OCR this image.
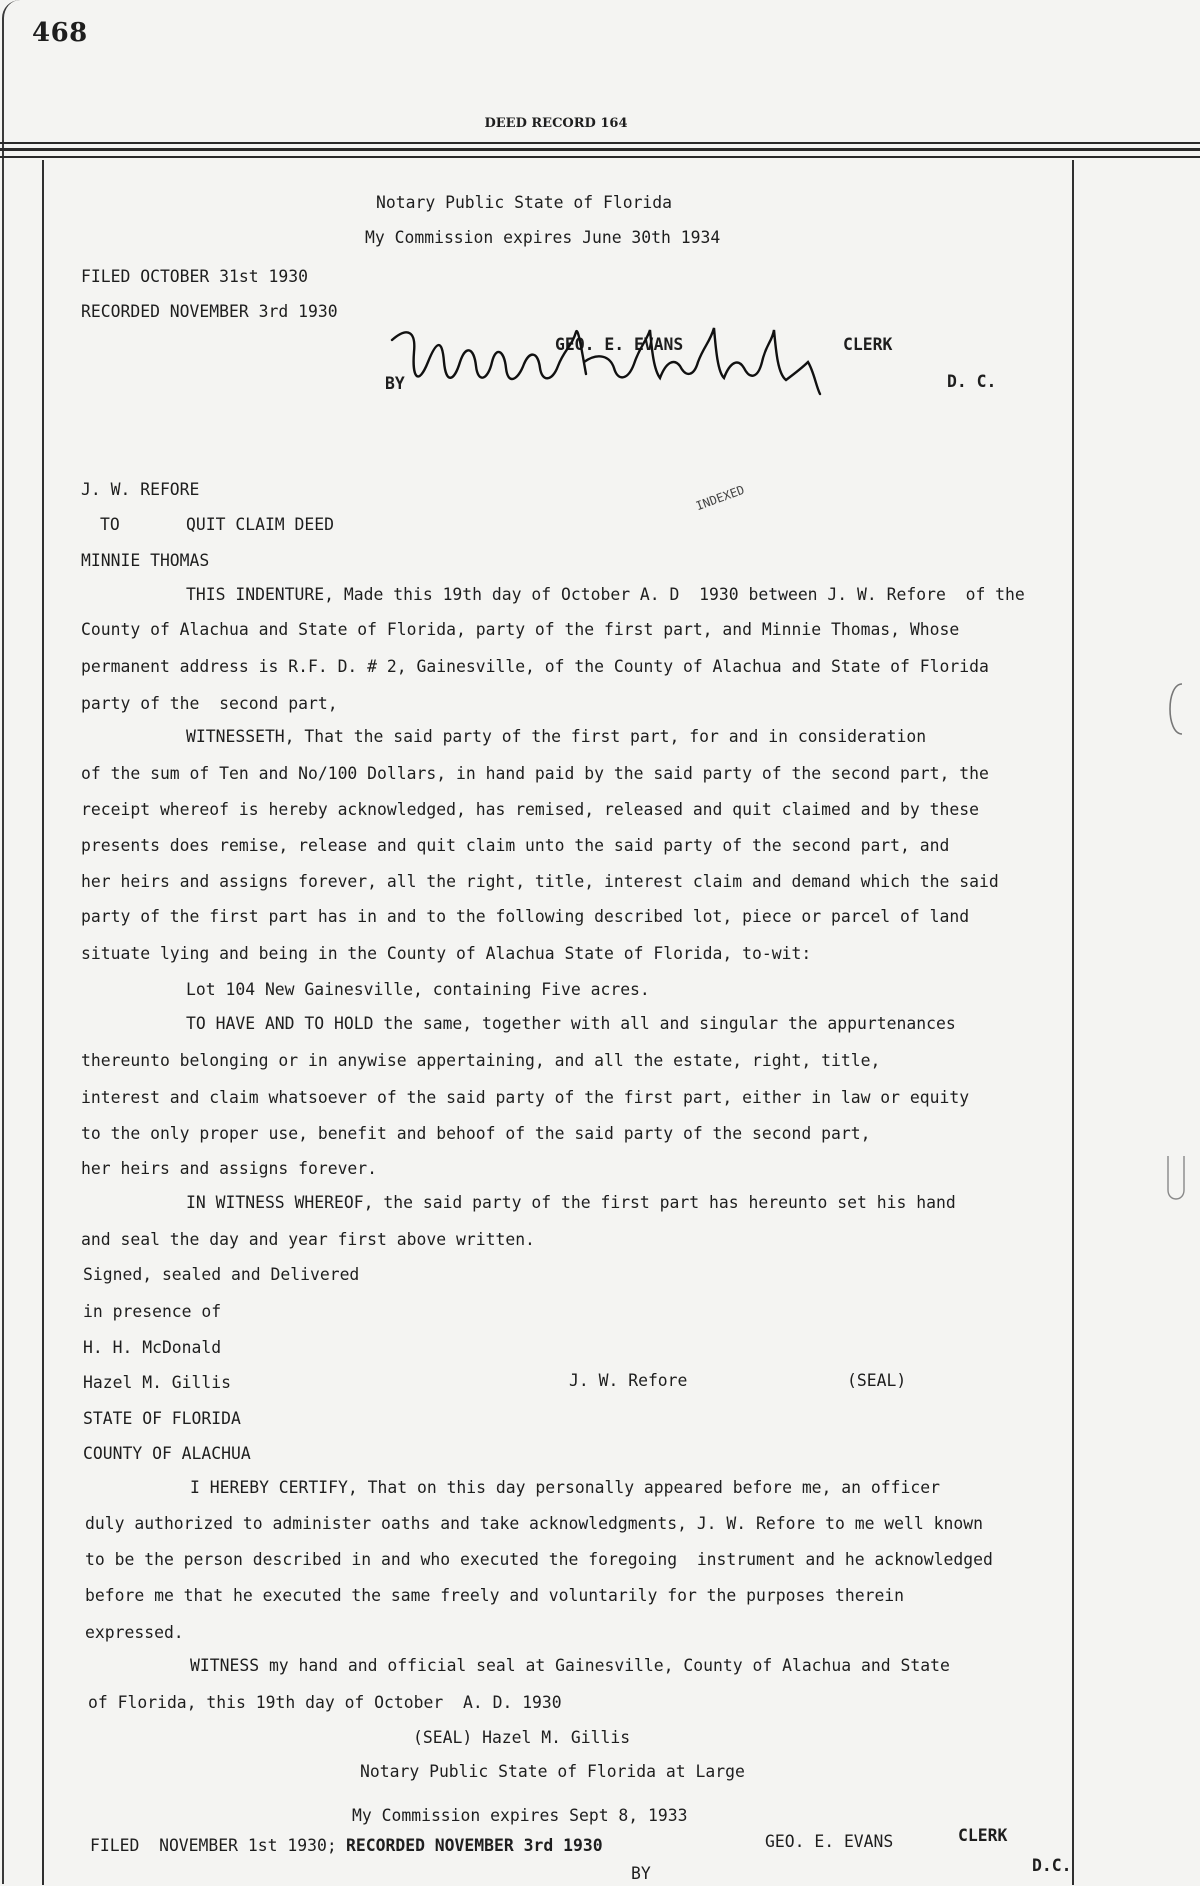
468
DEED RECORD 164
Notary Public State of Florida
My Commission expires June 30th 1934
FILED OCTOBER 31st 1930
RECORDED NOVEMBER 3rd 1930
GEO. E. EVANS	CLERK
BY	D. C.
J. W. REFORE
TO	QUIT CLAIM DEED
INDEXED
MINNIE THOMAS
THIS INDENTURE, Made this 19th day of October A. D  1930 between J. W. Refore  of the
County of Alachua and State of Florida, party of the first part, and Minnie Thomas, Whose
permanent address is R.F. D. # 2, Gainesville, of the County of Alachua and State of Florida
party of the  second part,
WITNESSETH, That the said party of the first part, for and in consideration
of the sum of Ten and No/100 Dollars, in hand paid by the said party of the second part, the
receipt whereof is hereby acknowledged, has remised, released and quit claimed and by these
presents does remise, release and quit claim unto the said party of the second part, and
her heirs and assigns forever, all the right, title, interest claim and demand which the said
party of the first part has in and to the following described lot, piece or parcel of land
situate lying and being in the County of Alachua State of Florida, to-wit:
Lot 104 New Gainesville, containing Five acres.
TO HAVE AND TO HOLD the same, together with all and singular the appurtenances
thereunto belonging or in anywise appertaining, and all the estate, right, title,
interest and claim whatsoever of the said party of the first part, either in law or equity
to the only proper use, benefit and behoof of the said party of the second part,
her heirs and assigns forever.
IN WITNESS WHEREOF, the said party of the first part has hereunto set his hand
and seal the day and year first above written.
Signed, sealed and Delivered
in presence of
H. H. McDonald
Hazel M. Gillis	J. W. Refore	(SEAL)
STATE OF FLORIDA
COUNTY OF ALACHUA
I HEREBY CERTIFY, That on this day personally appeared before me, an officer
duly authorized to administer oaths and take acknowledgments, J. W. Refore to me well known
to be the person described in and who executed the foregoing  instrument and he acknowledged
before me that he executed the same freely and voluntarily for the purposes therein
expressed.
WITNESS my hand and official seal at Gainesville, County of Alachua and State
of Florida, this 19th day of October  A. D. 1930
(SEAL) Hazel M. Gillis
Notary Public State of Florida at Large
My Commission expires Sept 8, 1933
FILED  NOVEMBER 1st 1930; RECORDED NOVEMBER 3rd 1930	GEO. E. EVANS	CLERK
BY	D.C.
